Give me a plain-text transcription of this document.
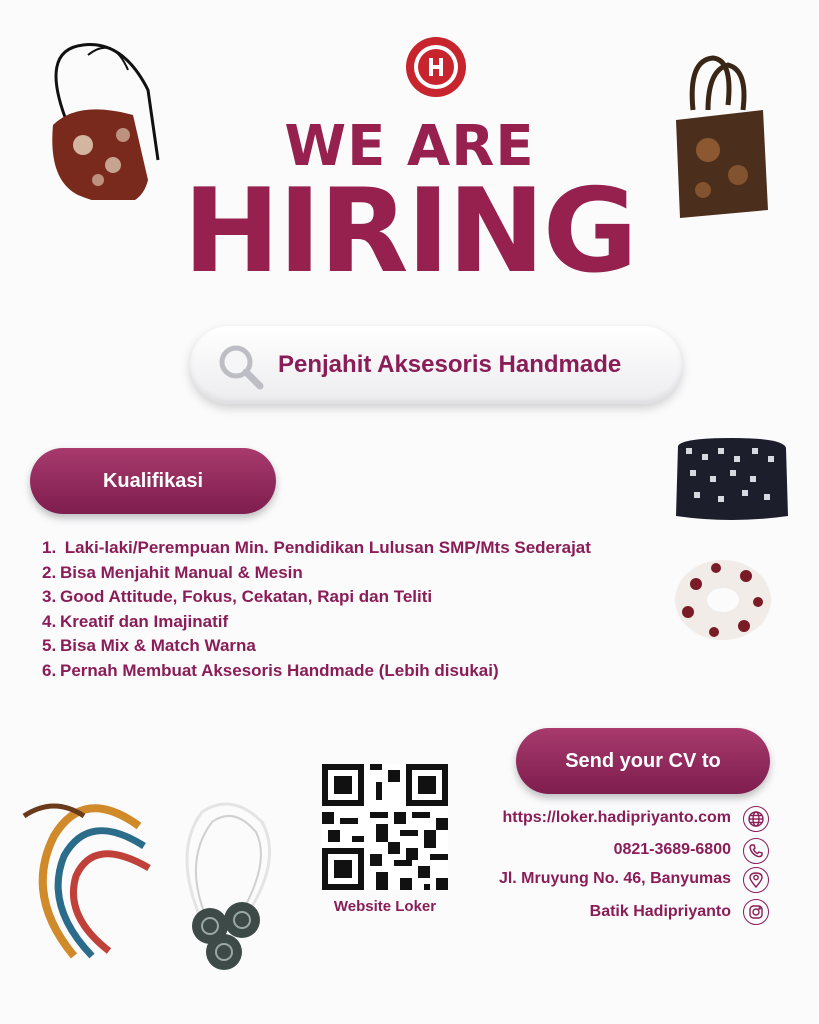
WE ARE
HIRING
Penjahit Aksesoris Handmade
Kualifikasi
1. Laki-laki/Perempuan Min. Pendidikan Lulusan SMP/Mts Sederajat
2. Bisa Menjahit Manual & Mesin
3. Good Attitude, Fokus, Cekatan, Rapi dan Teliti
4. Kreatif dan Imajinatif
5. Bisa Mix & Match Warna
6. Pernah Membuat Aksesoris Handmade (Lebih disukai)
Website Loker
Send your CV to
https://loker.hadipriyanto.com
0821-3689-6800
Jl. Mruyung No. 46, Banyumas
Batik Hadipriyanto
